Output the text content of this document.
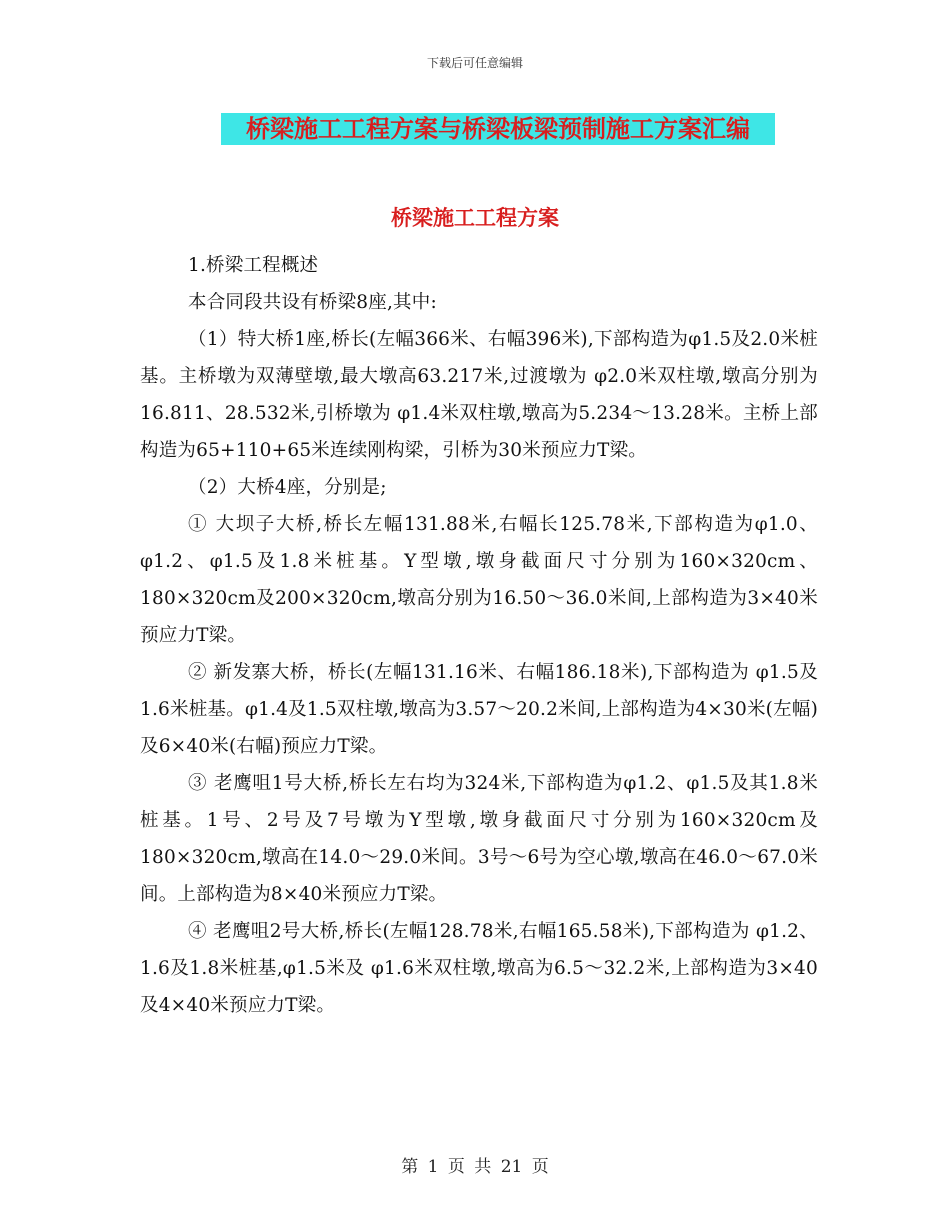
下载后可任意编辑
桥梁施工工程方案与桥梁板梁预制施工方案汇编
桥梁施工工程方案

1.桥梁工程概述

本合同段共设有桥梁8座,其中:

（1）特大桥1座,桥长(左幅366米、右幅396米),下部构造为φ1.5及2.0米桩基。主桥墩为双薄壁墩,最大墩高63.217米,过渡墩为 φ2.0米双柱墩,墩高分别为16.811、28.532米,引桥墩为 φ1.4米双柱墩,墩高为5.234～13.28米。主桥上部构造为65+110+65米连续刚构梁，引桥为30米预应力T梁。

（2）大桥4座，分别是;

① 大坝子大桥,桥长左幅131.88米,右幅长125.78米,下部构造为φ1.0、φ1.2、φ1.5及1.8米桩基。Y型墩,墩身截面尺寸分别为160×320cm、180×320cm及200×320cm,墩高分别为16.50～36.0米间,上部构造为3×40米预应力T梁。

② 新发寨大桥，桥长(左幅131.16米、右幅186.18米),下部构造为 φ1.5及1.6米桩基。φ1.4及1.5双柱墩,墩高为3.57～20.2米间,上部构造为4×30米(左幅)及6×40米(右幅)预应力T梁。

③ 老鹰咀1号大桥,桥长左右均为324米,下部构造为φ1.2、φ1.5及其1.8米桩基。1号、2号及7号墩为Y型墩,墩身截面尺寸分别为160×320cm及180×320cm,墩高在14.0～29.0米间。3号～6号为空心墩,墩高在46.0～67.0米间。上部构造为8×40米预应力T梁。

④ 老鹰咀2号大桥,桥长(左幅128.78米,右幅165.58米),下部构造为 φ1.2、1.6及1.8米桩基,φ1.5米及 φ1.6米双柱墩,墩高为6.5～32.2米,上部构造为3×40及4×40米预应力T梁。

第 1 页 共 21 页
